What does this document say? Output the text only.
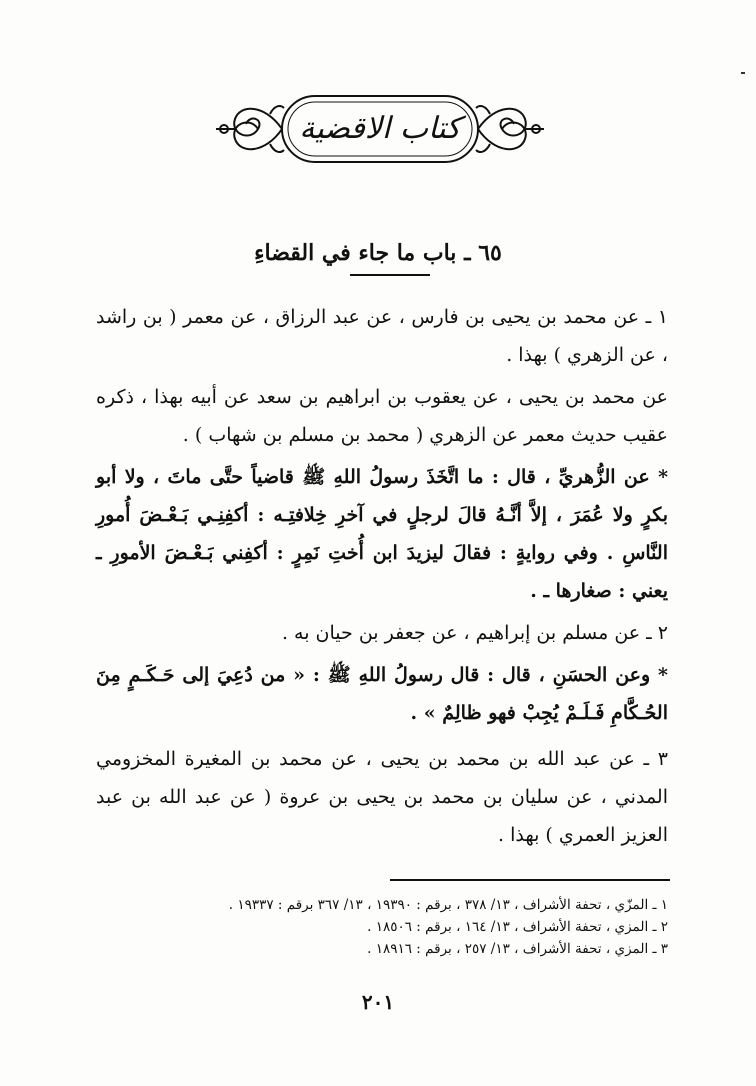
كتاب الاقضية
٦٥ ـ باب ما جاء في القضاءِ
١ ـ عن محمد بن يحيى بن فارس ، عن عبد الرزاق ، عن معمر ( بن راشد ، عن الزهري ) بهذا .
عن محمد بن يحيى ، عن يعقوب بن ابراهيم بن سعد عن أبيه بهذا ، ذكره عقيب حديث معمر عن الزهري ( محمد بن مسلم بن شهاب ) .
* عن الزُّهريِّ ، قال : ما اتَّخَذَ رسولُ اللهِ ﷺ قاضياً حتَّى ماتَ ، ولا أبو بكرٍ ولا عُمَرَ ، إلاَّ أنَّـهُ قالَ لرجلٍ في آخرِ خِلافتِـه : أكفِنِـي بَـعْـضَ أُمورِ النَّاسِ . وفي روايةٍ : فقالَ ليزيدَ ابن أُختِ نَمِرٍ : أكفِني بَـعْـضَ الأمورِ ـ يعني : صغارها ـ .
٢ ـ عن مسلم بن إبراهيم ، عن جعفر بن حيان به .
* وعن الحسَنِ ، قال : قال رسولُ اللهِ ﷺ : « من دُعِيَ إلى حَـكَـمٍ مِنَ الحُـكَّامِ فَـلَـمْ يُجِبْ فهو ظالِمٌ » .
٣ ـ عن عبد الله بن محمد بن يحيى ، عن محمد بن المغيرة المخزومي المدني ، عن سليان بن محمد بن يحيى بن عروة ( عن عبد الله بن عبد العزيز العمري ) بهذا .
١ ـ المزّي ، تحفة الأشراف ، ١٣/ ٣٧٨ ، برقم : ١٩٣٩٠ ، ١٣/ ٣٦٧ برقم : ١٩٣٣٧ .
٢ ـ المزي ، تحفة الأشراف ، ١٣/ ١٦٤ ، برقم : ١٨٥٠٦ .
٣ ـ المزي ، تحفة الأشراف ، ١٣/ ٢٥٧ ، برقم : ١٨٩١٦ .
٢٠١
